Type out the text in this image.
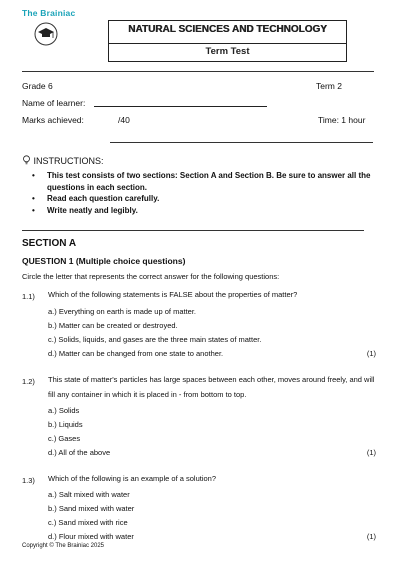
The Brainiac
NATURAL SCIENCES AND TECHNOLOGY
Term Test
Grade 6	Term 2
Name of learner:
Marks achieved:	/40	Time: 1 hour
INSTRUCTIONS:
• This test consists of two sections: Section A and Section B. Be sure to answer all the questions in each section.
• Read each question carefully.
• Write neatly and legibly.
SECTION A
QUESTION 1 (Multiple choice questions)
Circle the letter that represents the correct answer for the following questions:
1.1) Which of the following statements is FALSE about the properties of matter?
a.) Everything on earth is made up of matter.
b.) Matter can be created or destroyed.
c.) Solids, liquids, and gases are the three main states of matter.
d.) Matter can be changed from one state to another.	(1)
1.2) This state of matter's particles has large spaces between each other, moves around freely, and will fill any container in which it is placed in - from bottom to top.
a.) Solids
b.) Liquids
c.) Gases
d.) All of the above	(1)
1.3) Which of the following is an example of a solution?
a.) Salt mixed with water
b.) Sand mixed with water
c.) Sand mixed with rice
d.) Flour mixed with water	(1)
Copyright © The Brainiac 2025
